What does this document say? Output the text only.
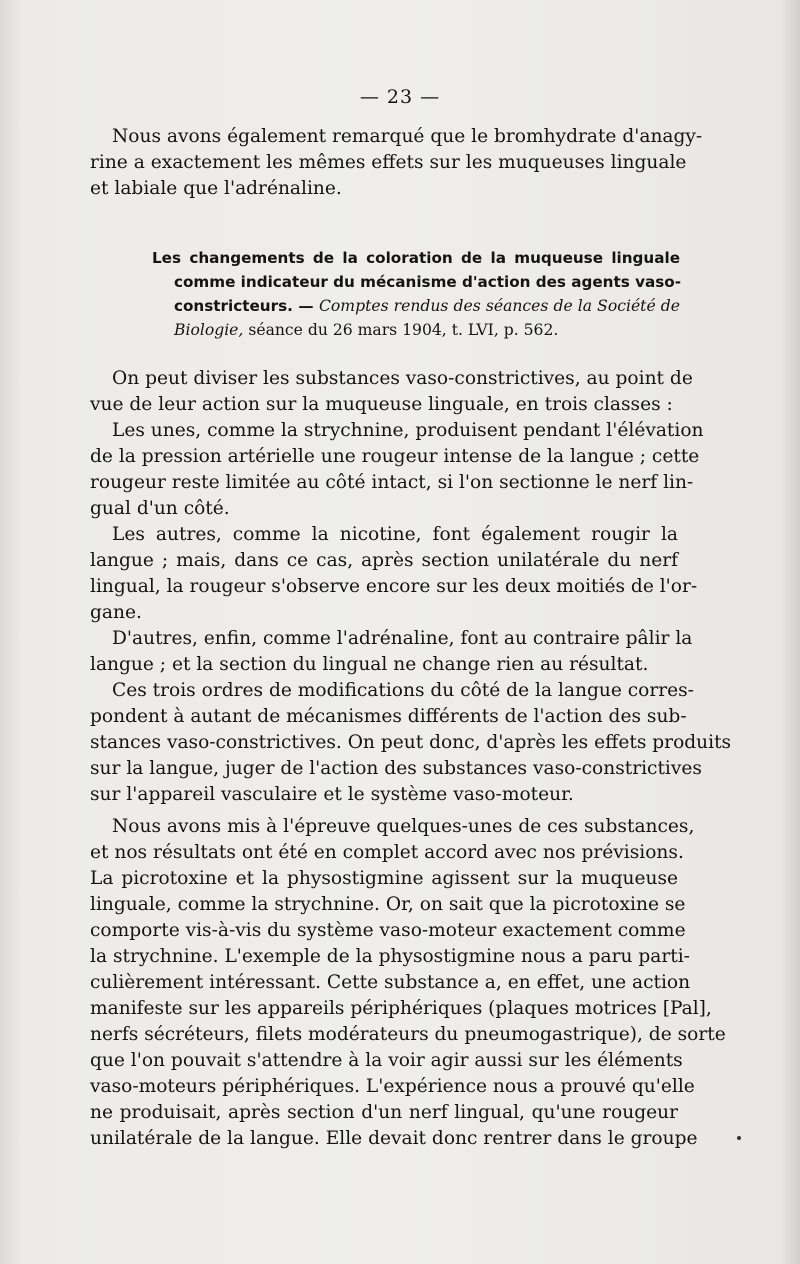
— 23 —
Nous avons également remarqué que le bromhydrate d'anagy-
rine a exactement les mêmes effets sur les muqueuses linguale
et labiale que l'adrénaline.
Les changements de la coloration de la muqueuse linguale
comme indicateur du mécanisme d'action des agents vaso-
constricteurs. — Comptes rendus des séances de la Société de
Biologie, séance du 26 mars 1904, t. LVI, p. 562.
On peut diviser les substances vaso-constrictives, au point de
vue de leur action sur la muqueuse linguale, en trois classes :
Les unes, comme la strychnine, produisent pendant l'élévation
de la pression artérielle une rougeur intense de la langue ; cette
rougeur reste limitée au côté intact, si l'on sectionne le nerf lin-
gual d'un côté.
Les autres, comme la nicotine, font également rougir la
langue ; mais, dans ce cas, après section unilatérale du nerf
lingual, la rougeur s'observe encore sur les deux moitiés de l'or-
gane.
D'autres, enfin, comme l'adrénaline, font au contraire pâlir la
langue ; et la section du lingual ne change rien au résultat.
Ces trois ordres de modifications du côté de la langue corres-
pondent à autant de mécanismes différents de l'action des sub-
stances vaso-constrictives. On peut donc, d'après les effets produits
sur la langue, juger de l'action des substances vaso-constrictives
sur l'appareil vasculaire et le système vaso-moteur.
Nous avons mis à l'épreuve quelques-unes de ces substances,
et nos résultats ont été en complet accord avec nos prévisions.
La picrotoxine et la physostigmine agissent sur la muqueuse
linguale, comme la strychnine. Or, on sait que la picrotoxine se
comporte vis-à-vis du système vaso-moteur exactement comme
la strychnine. L'exemple de la physostigmine nous a paru parti-
culièrement intéressant. Cette substance a, en effet, une action
manifeste sur les appareils périphériques (plaques motrices [Pal],
nerfs sécréteurs, filets modérateurs du pneumogastrique), de sorte
que l'on pouvait s'attendre à la voir agir aussi sur les éléments
vaso-moteurs périphériques. L'expérience nous a prouvé qu'elle
ne produisait, après section d'un nerf lingual, qu'une rougeur
unilatérale de la langue. Elle devait donc rentrer dans le groupe
